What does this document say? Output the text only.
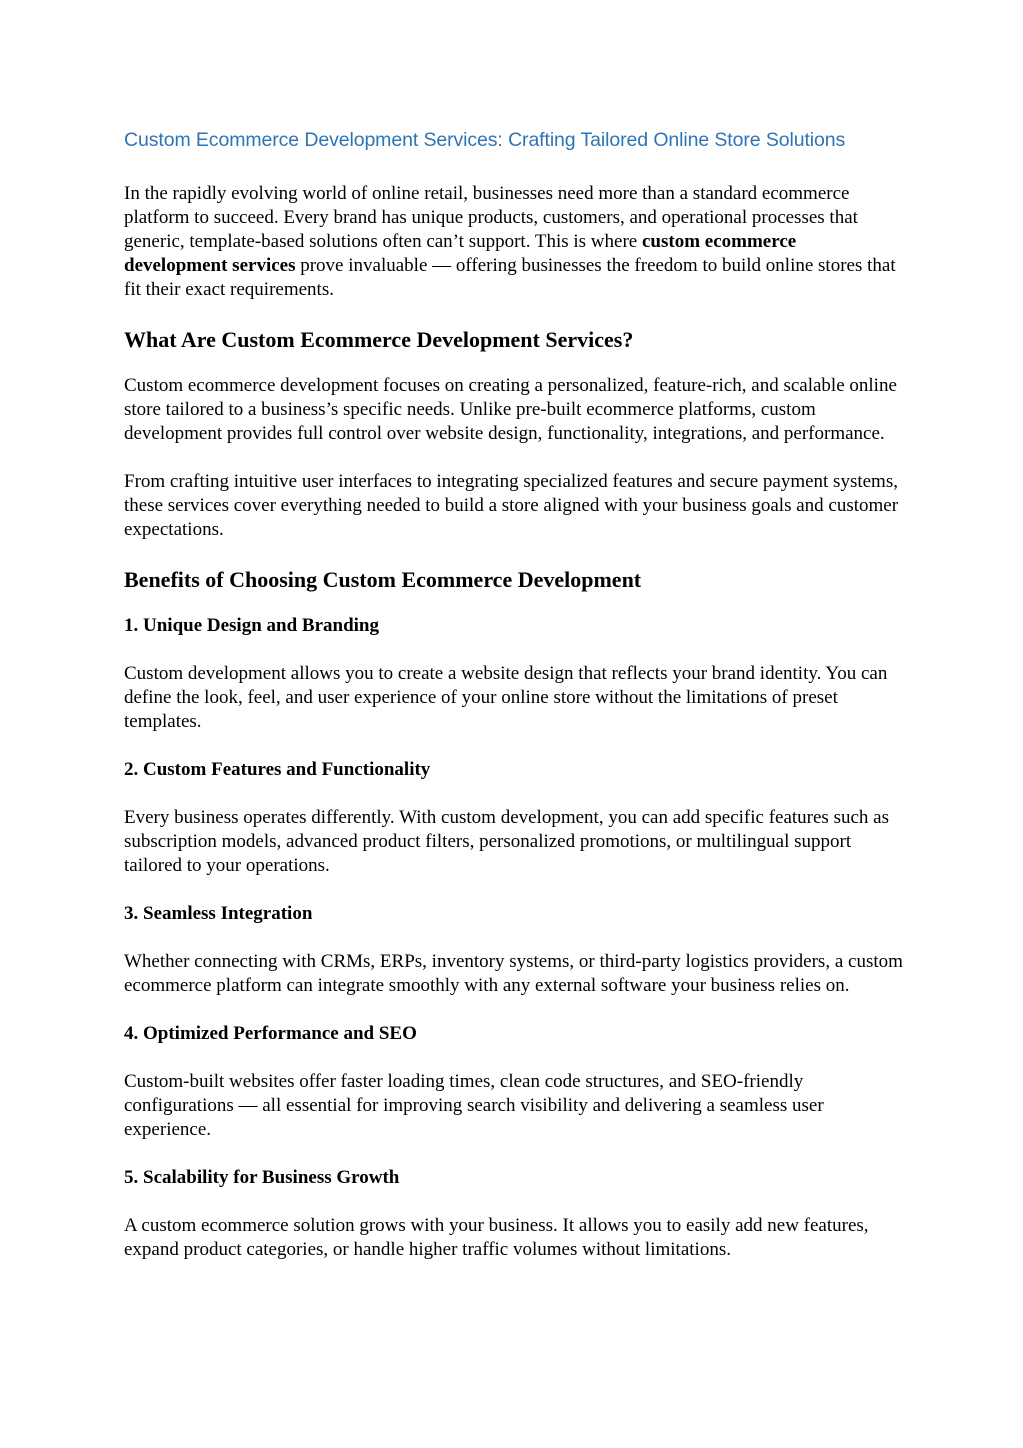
Custom Ecommerce Development Services: Crafting Tailored Online Store Solutions

In the rapidly evolving world of online retail, businesses need more than a standard ecommerce platform to succeed. Every brand has unique products, customers, and operational processes that generic, template-based solutions often can’t support. This is where custom ecommerce development services prove invaluable — offering businesses the freedom to build online stores that fit their exact requirements.

What Are Custom Ecommerce Development Services?

Custom ecommerce development focuses on creating a personalized, feature-rich, and scalable online store tailored to a business’s specific needs. Unlike pre-built ecommerce platforms, custom development provides full control over website design, functionality, integrations, and performance.

From crafting intuitive user interfaces to integrating specialized features and secure payment systems, these services cover everything needed to build a store aligned with your business goals and customer expectations.

Benefits of Choosing Custom Ecommerce Development
1. Unique Design and Branding

Custom development allows you to create a website design that reflects your brand identity. You can define the look, feel, and user experience of your online store without the limitations of preset templates.

2. Custom Features and Functionality

Every business operates differently. With custom development, you can add specific features such as subscription models, advanced product filters, personalized promotions, or multilingual support tailored to your operations.

3. Seamless Integration

Whether connecting with CRMs, ERPs, inventory systems, or third-party logistics providers, a custom ecommerce platform can integrate smoothly with any external software your business relies on.

4. Optimized Performance and SEO

Custom-built websites offer faster loading times, clean code structures, and SEO-friendly configurations — all essential for improving search visibility and delivering a seamless user experience.

5. Scalability for Business Growth

A custom ecommerce solution grows with your business. It allows you to easily add new features, expand product categories, or handle higher traffic volumes without limitations.
